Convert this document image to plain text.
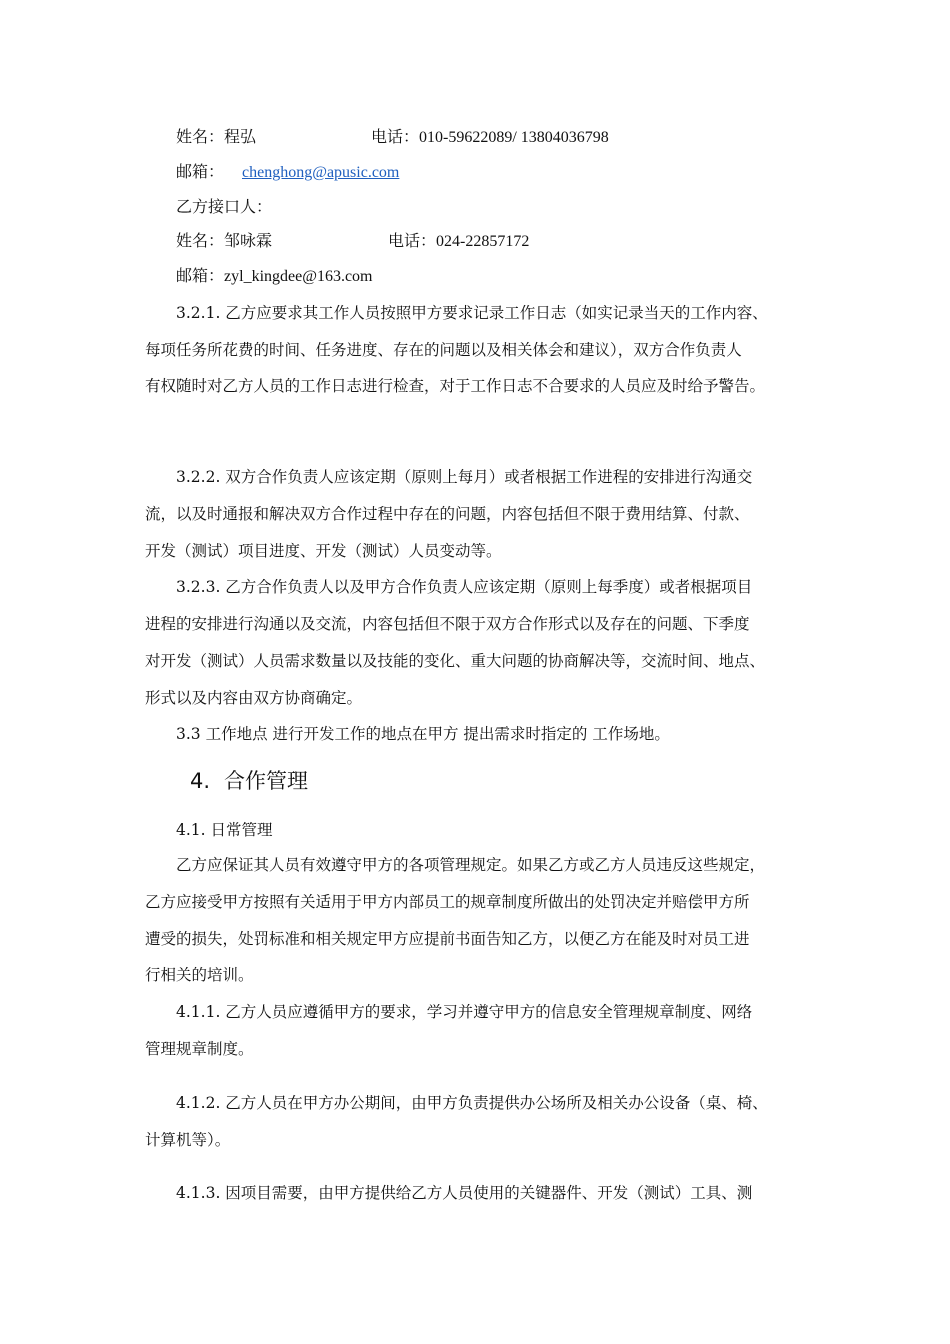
姓名：程弘	电话：010-59622089/ 13804036798
邮箱： chenghong@apusic.com
乙方接口人：
姓名：邹咏霖	电话：024-22857172
邮箱：zyl_kingdee@163.com
3.2.1. 乙方应要求其工作人员按照甲方要求记录工作日志（如实记录当天的工作内容、
每项任务所花费的时间、任务进度、存在的问题以及相关体会和建议），双方合作负责人
有权随时对乙方人员的工作日志进行检查，对于工作日志不合要求的人员应及时给予警告。
3.2.2. 双方合作负责人应该定期（原则上每月）或者根据工作进程的安排进行沟通交
流，以及时通报和解决双方合作过程中存在的问题，内容包括但不限于费用结算、付款、
开发（测试）项目进度、开发（测试）人员变动等。
3.2.3. 乙方合作负责人以及甲方合作负责人应该定期（原则上每季度）或者根据项目
进程的安排进行沟通以及交流，内容包括但不限于双方合作形式以及存在的问题、下季度
对开发（测试）人员需求数量以及技能的变化、重大问题的协商解决等，交流时间、地点、
形式以及内容由双方协商确定。
3.3 工作地点 进行开发工作的地点在甲方 提出需求时指定的 工作场地。
4. 合作管理
4.1. 日常管理
乙方应保证其人员有效遵守甲方的各项管理规定。如果乙方或乙方人员违反这些规定，
乙方应接受甲方按照有关适用于甲方内部员工的规章制度所做出的处罚决定并赔偿甲方所
遭受的损失，处罚标准和相关规定甲方应提前书面告知乙方，以便乙方在能及时对员工进
行相关的培训。
4.1.1. 乙方人员应遵循甲方的要求，学习并遵守甲方的信息安全管理规章制度、网络
管理规章制度。
4.1.2. 乙方人员在甲方办公期间，由甲方负责提供办公场所及相关办公设备（桌、椅、
计算机等）。
4.1.3. 因项目需要，由甲方提供给乙方人员使用的关键器件、开发（测试）工具、测
